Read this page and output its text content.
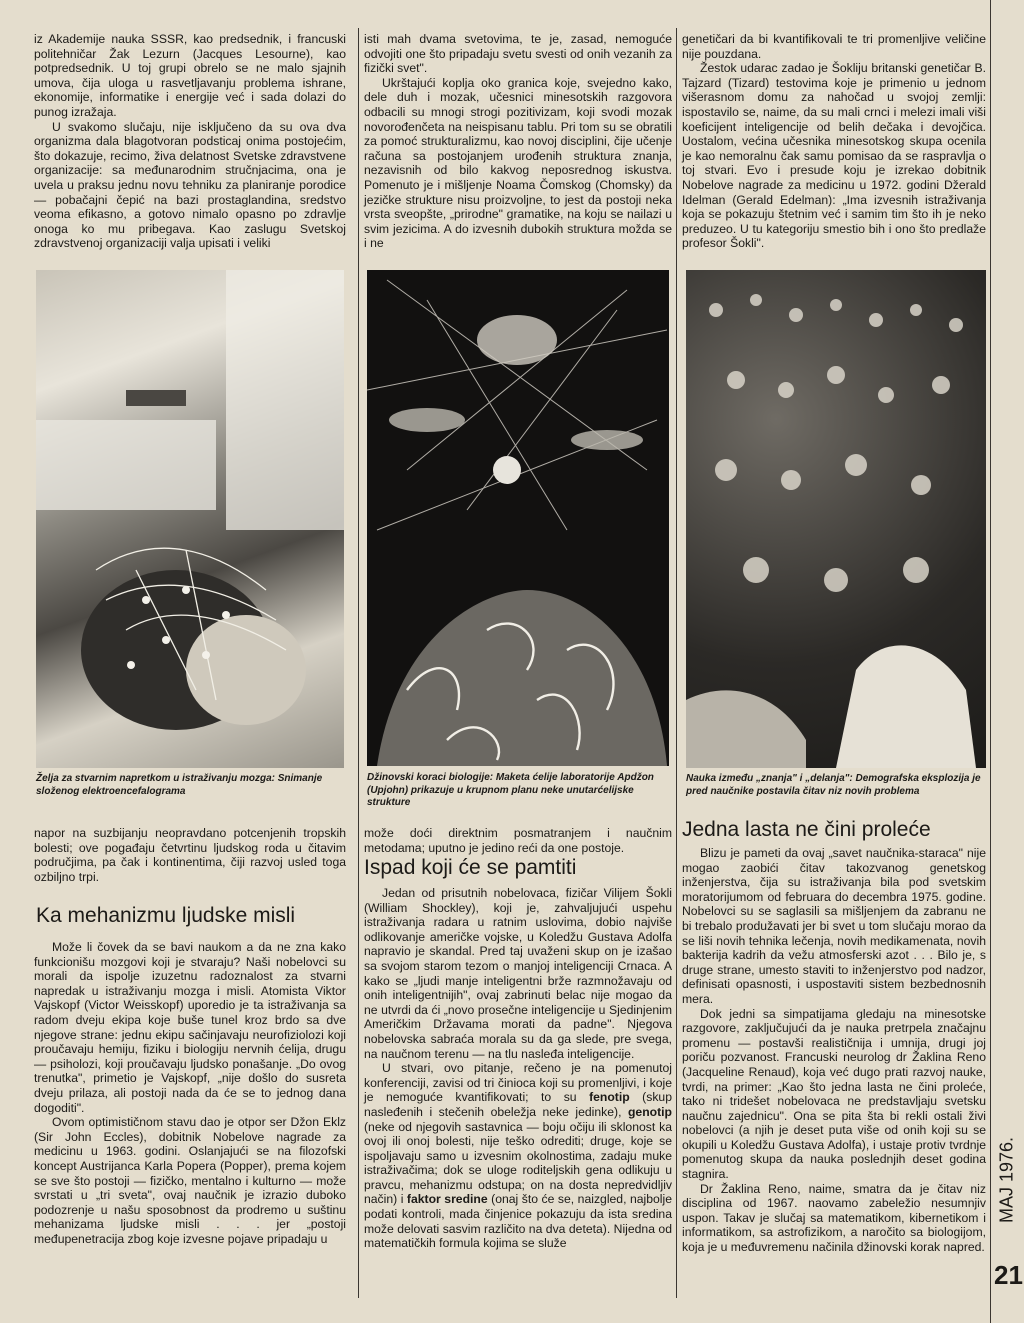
iz Akademije nauka SSSR, kao predsednik, i francuski politehničar Žak Lezurn (Jacques Lesourne), kao potpredsednik. U toj grupi obrelo se ne malo sjajnih umova, čija uloga u rasvetljavanju problema ishrane, ekonomije, informatike i energije već i sada dolazi do punog izražaja.

U svakomo slučaju, nije isključeno da su ova dva organizma dala blagotvoran podsticaj onima postojećim, što dokazuje, recimo, živa delatnost Svetske zdravstvene organizacije: sa međunarodnim stručnjacima, ona je uvela u praksu jednu novu tehniku za planiranje porodice — pobačajni čepić na bazi prostaglandina, sredstvo veoma efikasno, a gotovo nimalo opasno po zdravlje onoga ko mu pribegava. Kao zaslugu Svetskoj zdravstvenoj organizaciji valja upisati i veliki

isti mah dvama svetovima, te je, zasad, nemoguće odvojiti one što pripadaju svetu svesti od onih vezanih za fizički svet".

Ukrštajući koplja oko granica koje, svejedno kako, dele duh i mozak, učesnici minesotskih razgovora odbacili su mnogi strogi pozitivizam, koji svodi mozak novorođenčeta na neispisanu tablu. Pri tom su se obratili za pomoć strukturalizmu, kao novoj disciplini, čije učenje računa sa postojanjem urođenih struktura znanja, nezavisnih od bilo kakvog neposrednog iskustva. Pomenuto je i mišljenje Noama Čomskog (Chomsky) da jezičke strukture nisu proizvoljne, to jest da postoji neka vrsta sveopšte, „prirodne" gramatike, na koju se nailazi u svim jezicima. A do izvesnih dubokih struktura možda se i ne

genetičari da bi kvantifikovali te tri promenljive veličine nije pouzdana.

Žestok udarac zadao je Šokliju britanski genetičar B. Tajzard (Tizard) testovima koje je primenio u jednom višerasnom domu za nahočad u svojoj zemlji: ispostavilo se, naime, da su mali crnci i melezi imali viši koeficijent inteligencije od belih dečaka i devojčica. Uostalom, većina učesnika minesotskog skupa ocenila je kao nemoralnu čak samu pomisao da se raspravlja o toj stvari. Evo i presude koju je izrekao dobitnik Nobelove nagrade za medicinu u 1972. godini Džerald Idelman (Gerald Edelman): „Ima izvesnih istraživanja koja se pokazuju štetnim već i samim tim što ih je neko preduzeo. U tu kategoriju smestio bih i ono što predlaže profesor Šokli".

Želja za stvarnim napretkom u istraživanju mozga: Snimanje složenog elektroencefalograma
Džinovski koraci biologije: Maketa ćelije laboratorije Apdžon (Upjohn) prikazuje u krupnom planu neke unutarćelijske strukture
Nauka između „znanja" i „delanja": Demografska eksplozija je pred naučnike postavila čitav niz novih problema

napor na suzbijanju neopravdano potcenjenih tropskih bolesti; ove pogađaju četvrtinu ljudskog roda u čitavim područjima, pa čak i kontinentima, čiji razvoj usled toga ozbiljno trpi.

Ka mehanizmu ljudske misli

Može li čovek da se bavi naukom a da ne zna kako funkcionišu mozgovi koji je stvaraju? Naši nobelovci su morali da ispolje izuzetnu radoznalost za stvarni napredak u istraživanju mozga i misli. Atomista Viktor Vajskopf (Victor Weisskopf) uporedio je ta istraživanja sa radom dveju ekipa koje buše tunel kroz brdo sa dve njegove strane: jednu ekipu sačinjavaju neurofiziolozi koji proučavaju hemiju, fiziku i biologiju nervnih ćelija, drugu — psiholozi, koji proučavaju ljudsko ponašanje. „Do ovog trenutka", primetio je Vajskopf, „nije došlo do susreta dveju prilaza, ali postoji nada da će se to jednog dana dogoditi".

Ovom optimističnom stavu dao je otpor ser Džon Eklz (Sir John Eccles), dobitnik Nobelove nagrade za medicinu u 1963. godini. Oslanjajući se na filozofski koncept Austrijanca Karla Popera (Popper), prema kojem se sve što postoji — fizičko, mentalno i kulturno — može svrstati u „tri sveta", ovaj naučnik je izrazio duboko podozrenje u našu sposobnost da prodremo u suštinu mehanizama ljudske misli . . . jer „postoji međupenetracija zbog koje izvesne pojave pripadaju u

može doći direktnim posmatranjem i naučnim metodama; uputno je jedino reći da one postoje.

Ispad koji će se pamtiti

Jedan od prisutnih nobelovaca, fizičar Vilijem Šokli (William Shockley), koji je, zahvaljujući uspehu istraživanja radara u ratnim uslovima, dobio najviše odlikovanje američke vojske, u Koledžu Gustava Adolfa napravio je skandal. Pred taj uvaženi skup on je izašao sa svojom starom tezom o manjoj inteligenciji Crnaca. A kako se „ljudi manje inteligentni brže razmnožavaju od onih inteligentnijih", ovaj zabrinuti belac nije mogao da ne utvrdi da ći „novo prosečne inteligencije u Sjedinjenim Američkim Državama morati da padne". Njegova nobelovska sabraća morala su da ga slede, pre svega, na naučnom terenu — na tlu nasleđa inteligencije.

U stvari, ovo pitanje, rečeno je na pomenutoj konferenciji, zavisi od tri činioca koji su promenljivi, i koje je nemoguće kvantifikovati; to su fenotip (skup nasleđenih i stečenih obeležja neke jedinke), genotip (neke od njegovih sastavnica — boju očiju ili sklonost ka ovoj ili onoj bolesti, nije teško odrediti; druge, koje se ispoljavaju samo u izvesnim okolnostima, zadaju muke istraživačima; dok se uloge roditeljskih gena odlikuju u pravcu, mehanizmu odstupa; on na dosta nepredvidljiv način) i faktor sredine (onaj što će se, naizgled, najbolje podati kontroli, mada činjenice pokazuju da ista sredina može delovati sasvim različito na dva deteta). Nijedna od matematičkih formula kojima se služe

Jedna lasta ne čini proleće

Blizu je pameti da ovaj „savet naučnika-staraca" nije mogao zaobići čitav takozvanog genetskog inženjerstva, čija su istraživanja bila pod svetskim moratorijumom od februara do decembra 1975. godine. Nobelovci su se saglasili sa mišljenjem da zabranu ne bi trebalo produžavati jer bi svet u tom slučaju morao da se liši novih tehnika lečenja, novih medikamenata, novih bakterija kadrih da vežu atmosferski azot . . . Bilo je, s druge strane, umesto staviti to inženjerstvo pod nadzor, definisati opasnosti, i uspostaviti sistem bezbednosnih mera.

Dok jedni sa simpatijama gledaju na minesotske razgovore, zaključujući da je nauka pretrpela značajnu promenu — postavši realističnija i umnija, drugi joj poriču pozvanost. Francuski neurolog dr Žaklina Reno (Jacqueline Renaud), koja već dugo prati razvoj nauke, tvrdi, na primer: „Kao što jedna lasta ne čini proleće, tako ni tridešet nobelovaca ne predstavljaju svetsku naučnu zajednicu". Ona se pita šta bi rekli ostali živi nobelovci (a njih je deset puta više od onih koji su se okupili u Koledžu Gustava Adolfa), i ustaje protiv tvrdnje pomenutog skupa da nauka poslednjih deset godina stagnira.

Dr Žaklina Reno, naime, smatra da je čitav niz disciplina od 1967. naovamo zabeležio nesumnjiv uspon. Takav je slučaj sa matematikom, kibernetikom i informatikom, sa astrofizikom, a naročito sa biologijom, koja je u međuvremenu načinila džinovski korak napred.

MAJ 1976.
21
